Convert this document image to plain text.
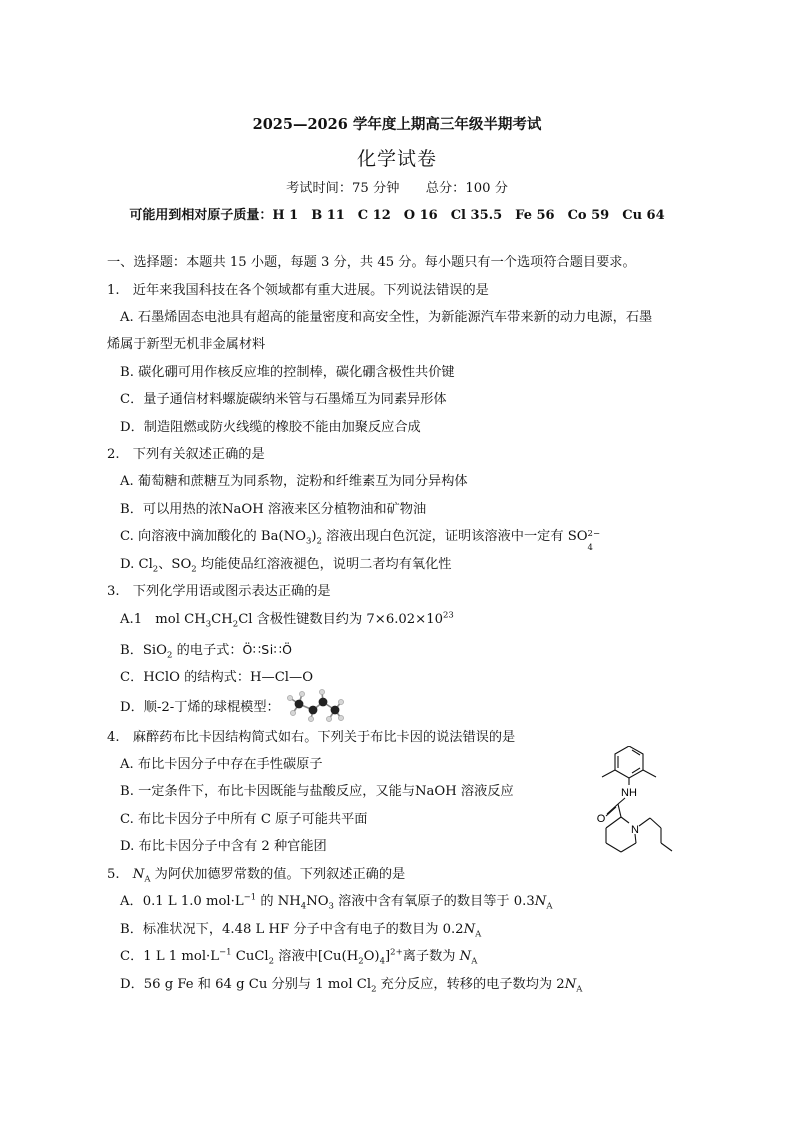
2025—2026 学年度上期高三年级半期考试
化学试卷
考试时间：75 分钟　　总分：100 分
可能用到相对原子质量：H 1　B 11　C 12　O 16　Cl 35.5　Fe 56　Co 59　Cu 64
一、选择题：本题共 15 小题，每题 3 分，共 45 分。每小题只有一个选项符合题目要求。
1.　近年来我国科技在各个领域都有重大进展。下列说法错误的是
A. 石墨烯固态电池具有超高的能量密度和高安全性，为新能源汽车带来新的动力电源，石墨
烯属于新型无机非金属材料
B. 碳化硼可用作核反应堆的控制棒，碳化硼含极性共价键
C．量子通信材料螺旋碳纳米管与石墨烯互为同素异形体
D．制造阻燃或防火线缆的橡胶不能由加聚反应合成
2.　下列有关叙述正确的是
A. 葡萄糖和蔗糖互为同系物，淀粉和纤维素互为同分异构体
B．可以用热的浓NaOH 溶液来区分植物油和矿物油
C. 向溶液中滴加酸化的 $Ba(NO_3)_2$ 溶液出现白色沉淀，证明该溶液中一定有 SO 2−
4
D. $Cl_2$、$SO_2$ 均能使品红溶液褪色，说明二者均有氧化性
3.　下列化学用语或图示表达正确的是
A.1　mol $CH_3CH_2Cl$ 含极性键数目约为 $7\times 6.02\times 10^{23}$
B．SiO$_2$ 的电子式：Ö∷Si∷Ö
C．HClO 的结构式：H—Cl—O
D．顺-2-丁烯的球棍模型：
4.　麻醉药布比卡因结构简式如右。下列关于布比卡因的说法错误的是
A. 布比卡因分子中存在手性碳原子
B. 一定条件下，布比卡因既能与盐酸反应，又能与NaOH 溶液反应
C. 布比卡因分子中所有 C 原子可能共平面
D. 布比卡因分子中含有 2 种官能团
NH
O
N
5.　$N_A$ 为阿伏加德罗常数的值。下列叙述正确的是
A．0.1 L 1.0 $mol\cdot L^{-1}$ 的 $NH_4NO_3$ 溶液中含有氧原子的数目等于 $0.3N_A$
B．标准状况下，4.48 L HF 分子中含有电子的数目为 $0.2N_A$
C．1 L 1 $mol\cdot L^{-1}$ CuCl$_2$ 溶液中$[Cu(H_2O)_4]^{2+}$离子数为 $N_A$
D．56 g Fe 和 64 g Cu 分别与 1 mol $Cl_2$ 充分反应，转移的电子数均为 $2N_A$
